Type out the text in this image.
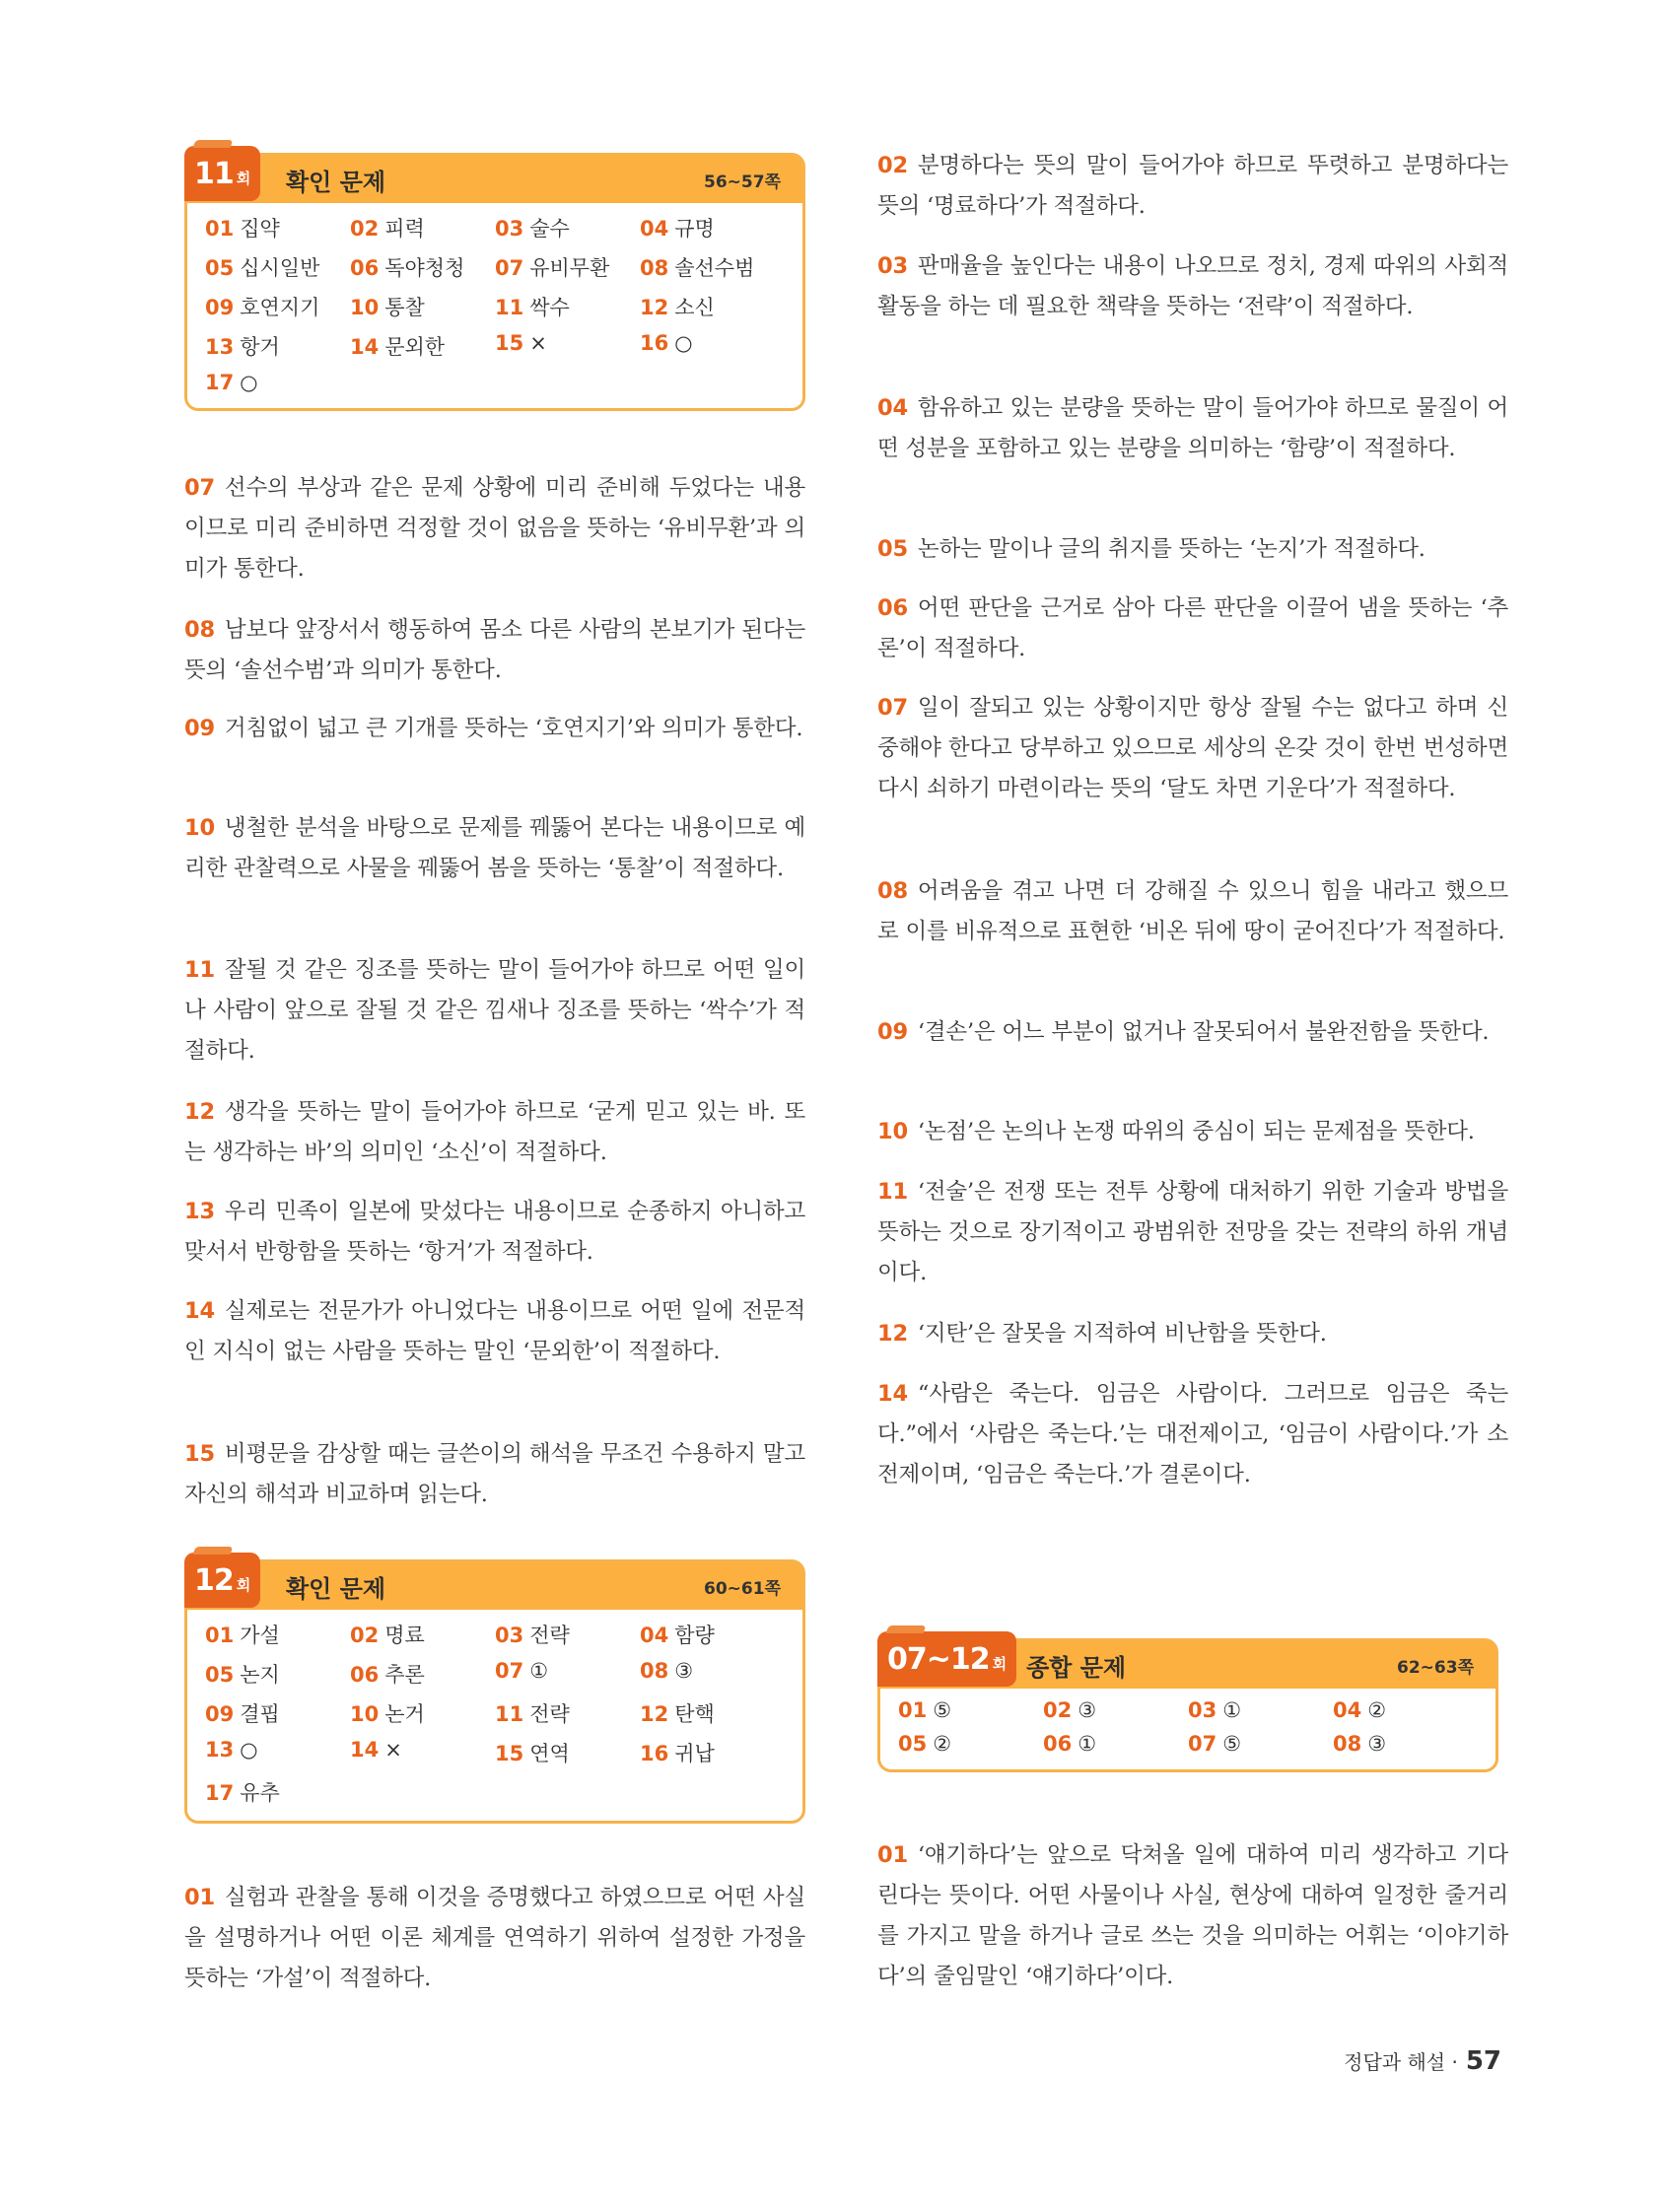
11 회 확인 문제	56~57쪽
01 집약	02 피력	03 술수	04 규명
05 십시일반	06 독야청청	07 유비무환	08 솔선수범
09 호연지기	10 통찰	11 싹수	12 소신
13 항거	14 문외한	15 ×	16 ○
17 ○
07 선수의 부상과 같은 문제 상황에 미리 준비해 두었다는 내용이므로 미리 준비하면 걱정할 것이 없음을 뜻하는 ‘유비무환’과 의미가 통한다.
08 남보다 앞장서서 행동하여 몸소 다른 사람의 본보기가 된다는 뜻의 ‘솔선수범’과 의미가 통한다.
09 거침없이 넓고 큰 기개를 뜻하는 ‘호연지기’와 의미가 통한다.
10 냉철한 분석을 바탕으로 문제를 꿰뚫어 본다는 내용이므로 예리한 관찰력으로 사물을 꿰뚫어 봄을 뜻하는 ‘통찰’이 적절하다.
11 잘될 것 같은 징조를 뜻하는 말이 들어가야 하므로 어떤 일이나 사람이 앞으로 잘될 것 같은 낌새나 징조를 뜻하는 ‘싹수’가 적절하다.
12 생각을 뜻하는 말이 들어가야 하므로 ‘굳게 믿고 있는 바. 또는 생각하는 바’의 의미인 ‘소신’이 적절하다.
13 우리 민족이 일본에 맞섰다는 내용이므로 순종하지 아니하고 맞서서 반항함을 뜻하는 ‘항거’가 적절하다.
14 실제로는 전문가가 아니었다는 내용이므로 어떤 일에 전문적인 지식이 없는 사람을 뜻하는 말인 ‘문외한’이 적절하다.
15 비평문을 감상할 때는 글쓴이의 해석을 무조건 수용하지 말고 자신의 해석과 비교하며 읽는다.
12 회 확인 문제	60~61쪽
01 가설	02 명료	03 전략	04 함량
05 논지	06 추론	07 ①	08 ③
09 결핍	10 논거	11 전략	12 탄핵
13 ○	14 ×	15 연역	16 귀납
17 유추
01 실험과 관찰을 통해 이것을 증명했다고 하였으므로 어떤 사실을 설명하거나 어떤 이론 체계를 연역하기 위하여 설정한 가정을 뜻하는 ‘가설’이 적절하다.
02 분명하다는 뜻의 말이 들어가야 하므로 뚜렷하고 분명하다는 뜻의 ‘명료하다’가 적절하다.
03 판매율을 높인다는 내용이 나오므로 정치, 경제 따위의 사회적 활동을 하는 데 필요한 책략을 뜻하는 ‘전략’이 적절하다.
04 함유하고 있는 분량을 뜻하는 말이 들어가야 하므로 물질이 어떤 성분을 포함하고 있는 분량을 의미하는 ‘함량’이 적절하다.
05 논하는 말이나 글의 취지를 뜻하는 ‘논지’가 적절하다.
06 어떤 판단을 근거로 삼아 다른 판단을 이끌어 냄을 뜻하는 ‘추론’이 적절하다.
07 일이 잘되고 있는 상황이지만 항상 잘될 수는 없다고 하며 신중해야 한다고 당부하고 있으므로 세상의 온갖 것이 한번 번성하면 다시 쇠하기 마련이라는 뜻의 ‘달도 차면 기운다’가 적절하다.
08 어려움을 겪고 나면 더 강해질 수 있으니 힘을 내라고 했으므로 이를 비유적으로 표현한 ‘비온 뒤에 땅이 굳어진다’가 적절하다.
09 ‘결손’은 어느 부분이 없거나 잘못되어서 불완전함을 뜻한다.
10 ‘논점’은 논의나 논쟁 따위의 중심이 되는 문제점을 뜻한다.
11 ‘전술’은 전쟁 또는 전투 상황에 대처하기 위한 기술과 방법을 뜻하는 것으로 장기적이고 광범위한 전망을 갖는 전략의 하위 개념이다.
12 ‘지탄’은 잘못을 지적하여 비난함을 뜻한다.
14 “사람은 죽는다. 임금은 사람이다. 그러므로 임금은 죽는다.”에서 ‘사람은 죽는다.’는 대전제이고, ‘임금이 사람이다.’가 소전제이며, ‘임금은 죽는다.’가 결론이다.
07~12 회 종합 문제	62~63쪽
01 ⑤	02 ③	03 ①	04 ②
05 ②	06 ①	07 ⑤	08 ③
01 ‘얘기하다’는 앞으로 닥쳐올 일에 대하여 미리 생각하고 기다린다는 뜻이다. 어떤 사물이나 사실, 현상에 대하여 일정한 줄거리를 가지고 말을 하거나 글로 쓰는 것을 의미하는 어휘는 ‘이야기하다’의 줄임말인 ‘얘기하다’이다.
정답과 해설 · 57
